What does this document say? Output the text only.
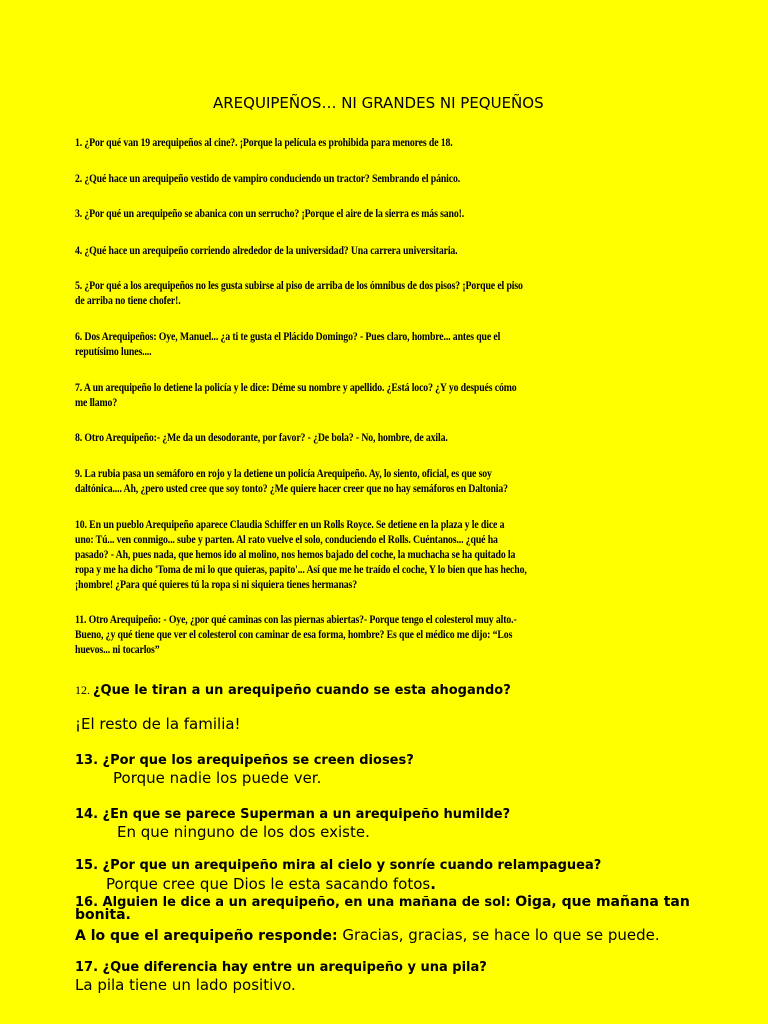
AREQUIPEÑOS… NI GRANDES NI PEQUEÑOS
1. ¿Por qué van 19 arequipeños al cine?. ¡Porque la película es prohibida para menores de 18.
2. ¿Qué hace un arequipeño vestido de vampiro conduciendo un tractor? Sembrando el pánico.
3. ¿Por qué un arequipeño se abanica con un serrucho? ¡Porque el aire de la sierra es más sano!.
4. ¿Qué hace un arequipeño corriendo alrededor de la universidad? Una carrera universitaria.
5. ¿Por qué a los arequipeños no les gusta subirse al piso de arriba de los ómnibus de dos pisos? ¡Porque el piso
de arriba no tiene chofer!.
6. Dos Arequipeños: Oye, Manuel... ¿a ti te gusta el Plácido Domingo? - Pues claro, hombre... antes que el
reputísimo lunes....
7. A un arequipeño lo detiene la policía y le dice: Déme su nombre y apellido. ¿Está loco? ¿Y yo después cómo
me llamo?
8. Otro Arequipeño:- ¿Me da un desodorante, por favor? - ¿De bola? - No, hombre, de axila.
9. La rubia pasa un semáforo en rojo y la detiene un policía Arequipeño. Ay, lo siento, oficial, es que soy
daltónica.... Ah, ¿pero usted cree que soy tonto? ¿Me quiere hacer creer que no hay semáforos en Daltonia?
10. En un pueblo Arequipeño aparece Claudia Schiffer en un Rolls Royce. Se detiene en la plaza y le dice a
uno: Tú... ven conmigo... sube y parten. Al rato vuelve el solo, conduciendo el Rolls. Cuéntanos... ¿qué ha
pasado? - Ah, pues nada, que hemos ido al molino, nos hemos bajado del coche, la muchacha se ha quitado la
ropa y me ha dicho 'Toma de mi lo que quieras, papito'... Así que me he traído el coche, Y lo bien que has hecho,
¡hombre! ¿Para qué quieres tú la ropa si ni siquiera tienes hermanas?
11. Otro Arequipeño: - Oye, ¿por qué caminas con las piernas abiertas?- Porque tengo el colesterol muy alto.-
Bueno, ¿y qué tiene que ver el colesterol con caminar de esa forma, hombre? Es que el médico me dijo: “Los
huevos... ni tocarlos”
12. ¿Que le tiran a un arequipeño cuando se esta ahogando?
¡El resto de la familia!
13. ¿Por que los arequipeños se creen dioses?
Porque nadie los puede ver.
14. ¿En que se parece Superman a un arequipeño humilde?
En que ninguno de los dos existe.
15. ¿Por que un arequipeño mira al cielo y sonríe cuando relampaguea?
Porque cree que Dios le esta sacando fotos.
16. Alguien le dice a un arequipeño, en una mañana de sol: Oiga, que mañana tan
bonita.
A lo que el arequipeño responde: Gracias, gracias, se hace lo que se puede.
17. ¿Que diferencia hay entre un arequipeño y una pila?
La pila tiene un lado positivo.
